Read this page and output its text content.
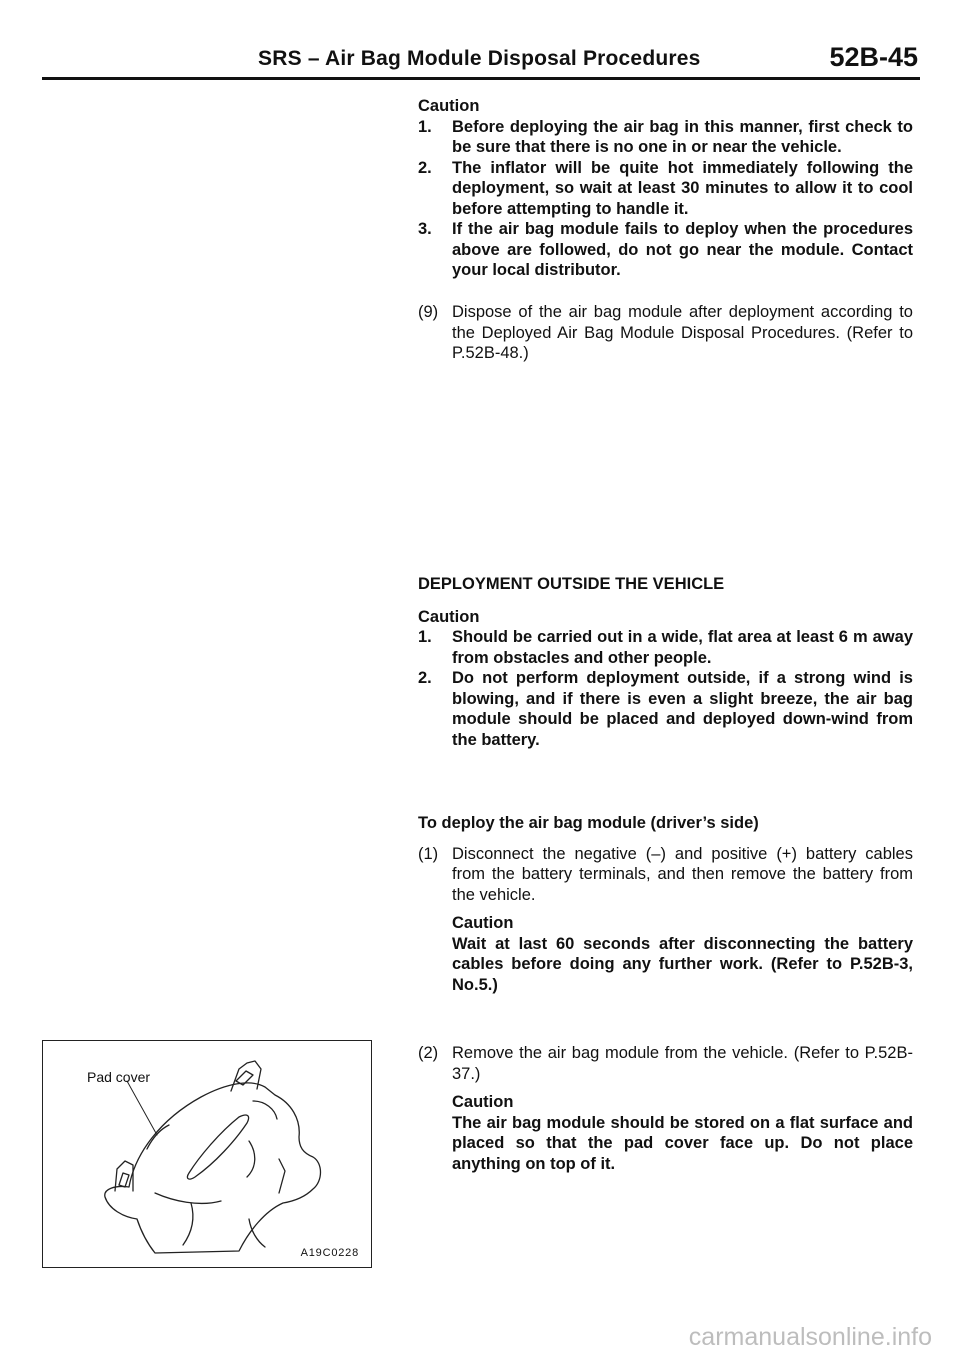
SRS – Air Bag Module Disposal Procedures	52B-45

Caution

1. Before deploying the air bag in this manner, first check to be sure that there is no one in or near the vehicle.
2. The inflator will be quite hot immediately following the deployment, so wait at least 30 minutes to allow it to cool before attempting to handle it.
3. If the air bag module fails to deploy when the procedures above are followed, do not go near the module. Contact your local distributor.
(9) Dispose of the air bag module after deployment according to the Deployed Air Bag Module Disposal Procedures. (Refer to P.52B-48.)

DEPLOYMENT OUTSIDE THE VEHICLE

Caution

1. Should be carried out in a wide, flat area at least 6 m away from obstacles and other people.
2. Do not perform deployment outside, if a strong wind is blowing, and if there is even a slight breeze, the air bag module should be placed and deployed down-wind from the battery.

To deploy the air bag module (driver’s side)

(1) Disconnect the negative (–) and positive (+) battery cables from the battery terminals, and then remove the battery from the vehicle.
Caution
Wait at last 60 seconds after disconnecting the battery cables before doing any further work. (Refer to P.52B-3, No.5.)
(2) Remove the air bag module from the vehicle. (Refer to P.52B-37.)
Caution
The air bag module should be stored on a flat surface and placed so that the pad cover face up. Do not place anything on top of it.
Pad cover
A19C0228
carmanualsonline.info
